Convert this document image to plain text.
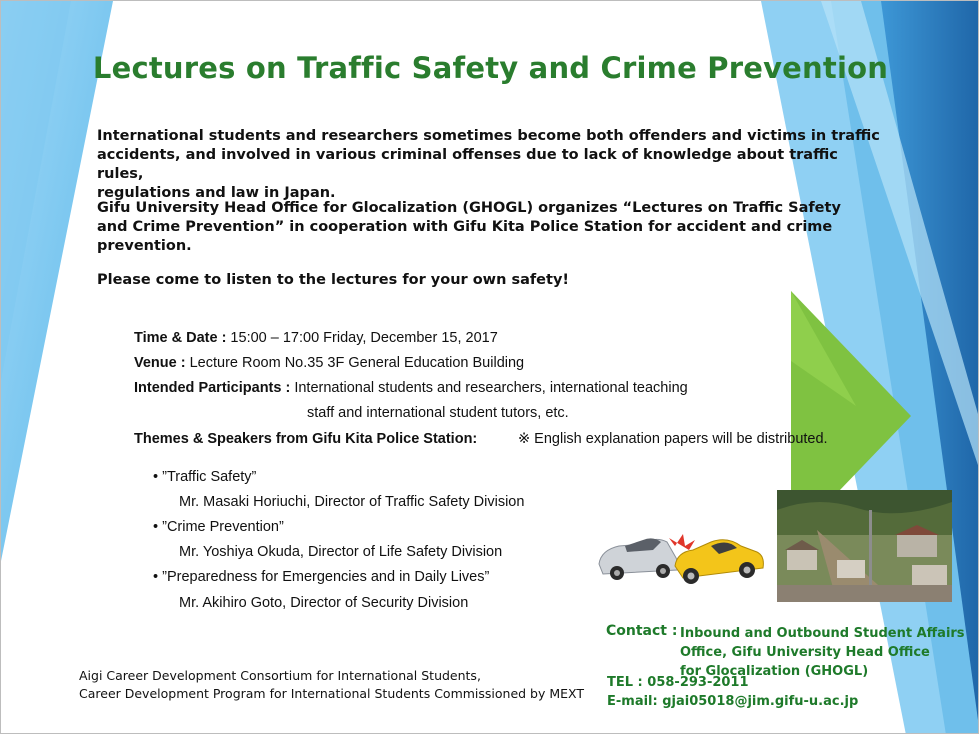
Lectures on Traffic Safety and Crime Prevention
International students and researchers sometimes become both offenders and victims in traffic
accidents, and involved in various criminal offenses due to lack of knowledge about traffic rules,
regulations and law in Japan.
Gifu University Head Office for Glocalization (GHOGL) organizes “Lectures on Traffic Safety
and Crime Prevention” in cooperation with Gifu Kita Police Station for accident and crime
prevention.
Please come to listen to the lectures for your own safety!
Time & Date : 15:00 – 17:00 Friday, December 15, 2017
Venue : Lecture Room No.35 3F General Education Building
Intended Participants : International students and researchers, international teaching
staff and international student tutors, etc.
Themes & Speakers from Gifu Kita Police Station:	※ English explanation papers will be distributed.
• ”Traffic Safety”
Mr. Masaki Horiuchi, Director of Traffic Safety Division
• ”Crime Prevention”
Mr. Yoshiya Okuda, Director of Life Safety Division
• ”Preparedness for Emergencies and in Daily Lives”
Mr. Akihiro Goto, Director of Security Division
Aigi Career Development Consortium for International Students,
Career Development Program for International Students Commissioned by MEXT
Contact : Inbound and Outbound Student Affairs
Office, Gifu University Head Office
for Glocalization (GHOGL)
TEL : 058-293-2011
E-mail: gjai05018@jim.gifu-u.ac.jp
